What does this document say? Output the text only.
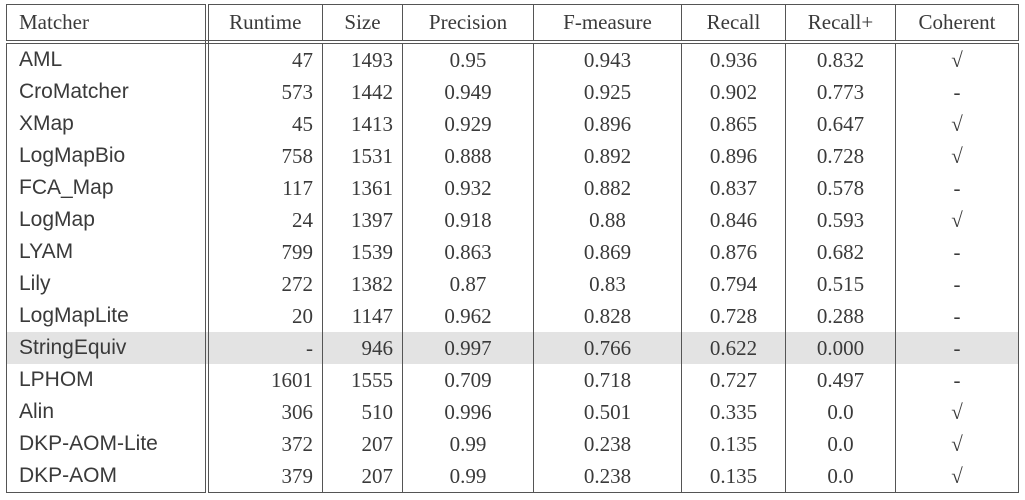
Matcher	Runtime	Size	Precision	F-measure	Recall	Recall+	Coherent
AML	47	1493	0.95	0.943	0.936	0.832	√
CroMatcher	573	1442	0.949	0.925	0.902	0.773	-
XMap	45	1413	0.929	0.896	0.865	0.647	√
LogMapBio	758	1531	0.888	0.892	0.896	0.728	√
FCA_Map	117	1361	0.932	0.882	0.837	0.578	-
LogMap	24	1397	0.918	0.88	0.846	0.593	√
LYAM	799	1539	0.863	0.869	0.876	0.682	-
Lily	272	1382	0.87	0.83	0.794	0.515	-
LogMapLite	20	1147	0.962	0.828	0.728	0.288	-
StringEquiv	-	946	0.997	0.766	0.622	0.000	-
LPHOM	1601	1555	0.709	0.718	0.727	0.497	-
Alin	306	510	0.996	0.501	0.335	0.0	√
DKP-AOM-Lite	372	207	0.99	0.238	0.135	0.0	√
DKP-AOM	379	207	0.99	0.238	0.135	0.0	√
